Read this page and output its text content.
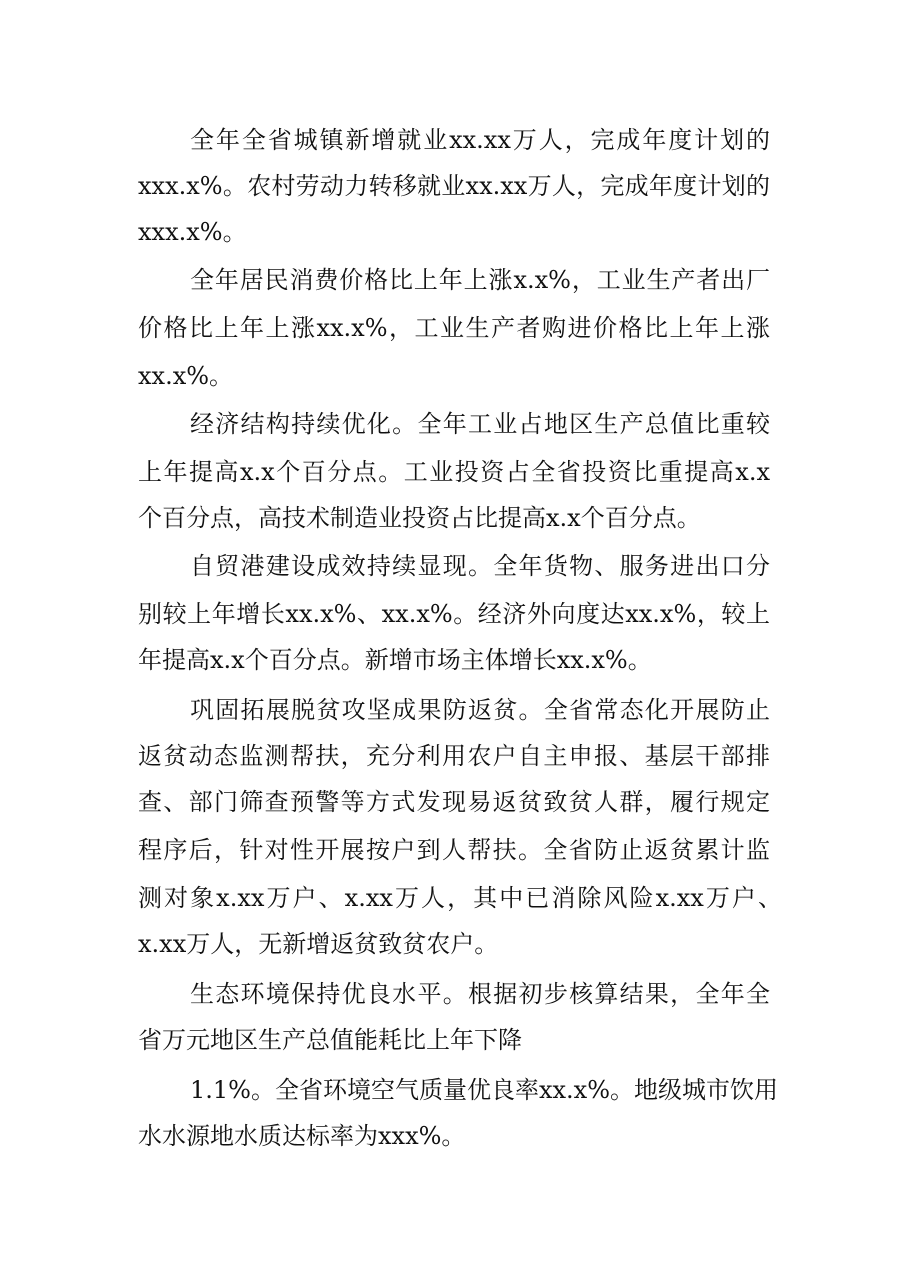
全年全省城镇新增就业xx.xx万人，完成年度计划的
xxx.x%。农村劳动力转移就业xx.xx万人，完成年度计划的
xxx.x%。
全年居民消费价格比上年上涨x.x%，工业生产者出厂
价格比上年上涨xx.x%，工业生产者购进价格比上年上涨
xx.x%。
经济结构持续优化。全年工业占地区生产总值比重较
上年提高x.x个百分点。工业投资占全省投资比重提高x.x
个百分点，高技术制造业投资占比提高x.x个百分点。
自贸港建设成效持续显现。全年货物、服务进出口分
别较上年增长xx.x%、xx.x%。经济外向度达xx.x%，较上
年提高x.x个百分点。新增市场主体增长xx.x%。
巩固拓展脱贫攻坚成果防返贫。全省常态化开展防止
返贫动态监测帮扶，充分利用农户自主申报、基层干部排
查、部门筛查预警等方式发现易返贫致贫人群，履行规定
程序后，针对性开展按户到人帮扶。全省防止返贫累计监
测对象x.xx万户、x.xx万人，其中已消除风险x.xx万户、
x.xx万人，无新增返贫致贫农户。
生态环境保持优良水平。根据初步核算结果，全年全
省万元地区生产总值能耗比上年下降
1.1%。全省环境空气质量优良率xx.x%。地级城市饮用
水水源地水质达标率为xxx%。
